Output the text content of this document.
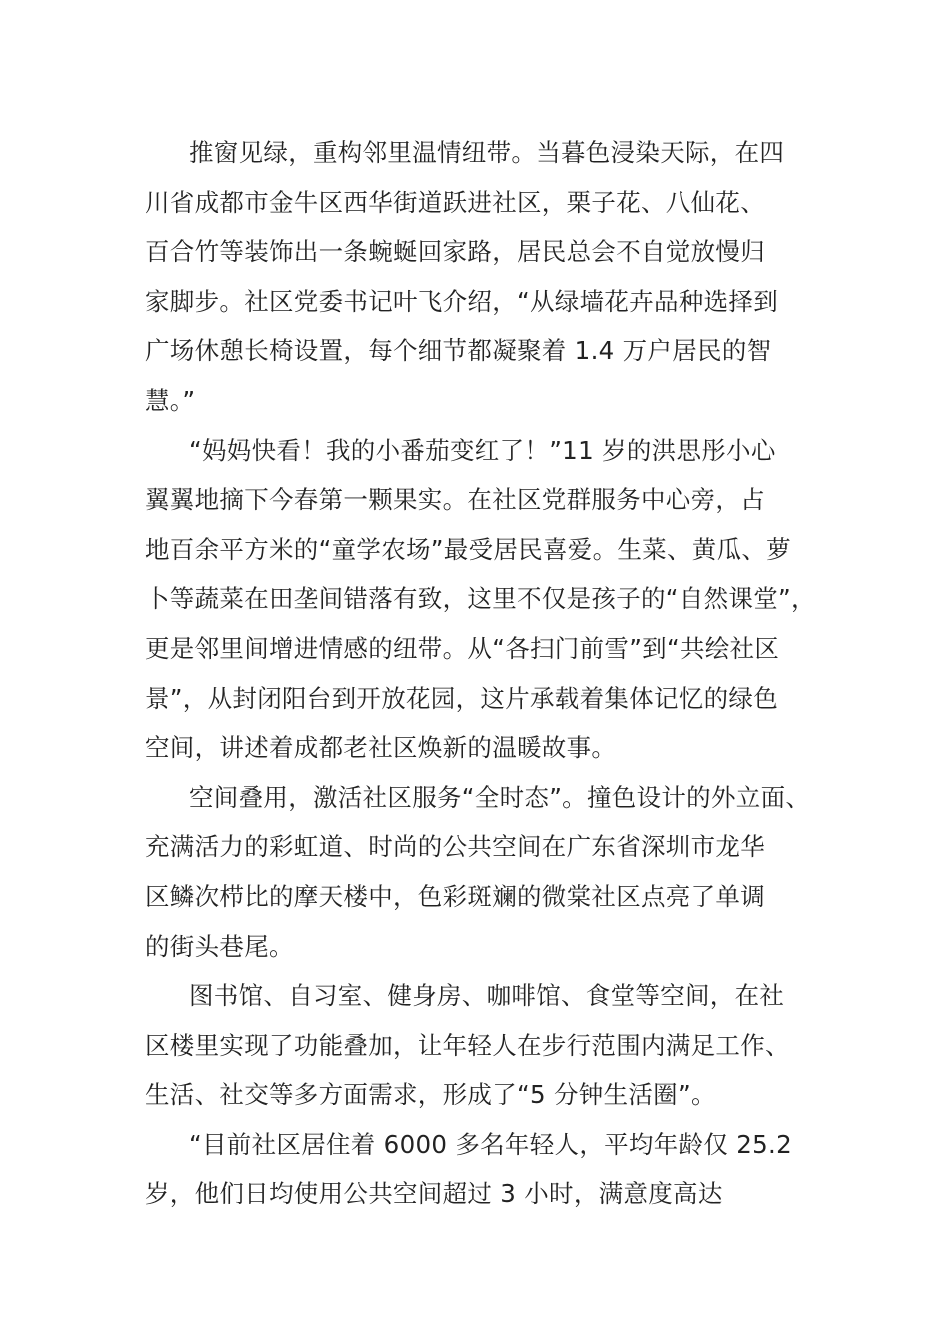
推窗见绿，重构邻里温情纽带。当暮色浸染天际，在四
川省成都市金牛区西华街道跃进社区，栗子花、八仙花、
百合竹等装饰出一条蜿蜒回家路，居民总会不自觉放慢归
家脚步。社区党委书记叶飞介绍，“从绿墙花卉品种选择到
广场休憩长椅设置，每个细节都凝聚着 1.4 万户居民的智
慧。”
“妈妈快看！我的小番茄变红了！”11 岁的洪思彤小心
翼翼地摘下今春第一颗果实。在社区党群服务中心旁，占
地百余平方米的“童学农场”最受居民喜爱。生菜、黄瓜、萝
卜等蔬菜在田垄间错落有致，这里不仅是孩子的“自然课堂”，
更是邻里间增进情感的纽带。从“各扫门前雪”到“共绘社区
景”，从封闭阳台到开放花园，这片承载着集体记忆的绿色
空间，讲述着成都老社区焕新的温暖故事。
空间叠用，激活社区服务“全时态”。撞色设计的外立面、
充满活力的彩虹道、时尚的公共空间在广东省深圳市龙华
区鳞次栉比的摩天楼中，色彩斑斓的微棠社区点亮了单调
的街头巷尾。
图书馆、自习室、健身房、咖啡馆、食堂等空间，在社
区楼里实现了功能叠加，让年轻人在步行范围内满足工作、
生活、社交等多方面需求，形成了“5 分钟生活圈”。
“目前社区居住着 6000 多名年轻人，平均年龄仅 25.2
岁，他们日均使用公共空间超过 3 小时，满意度高达
